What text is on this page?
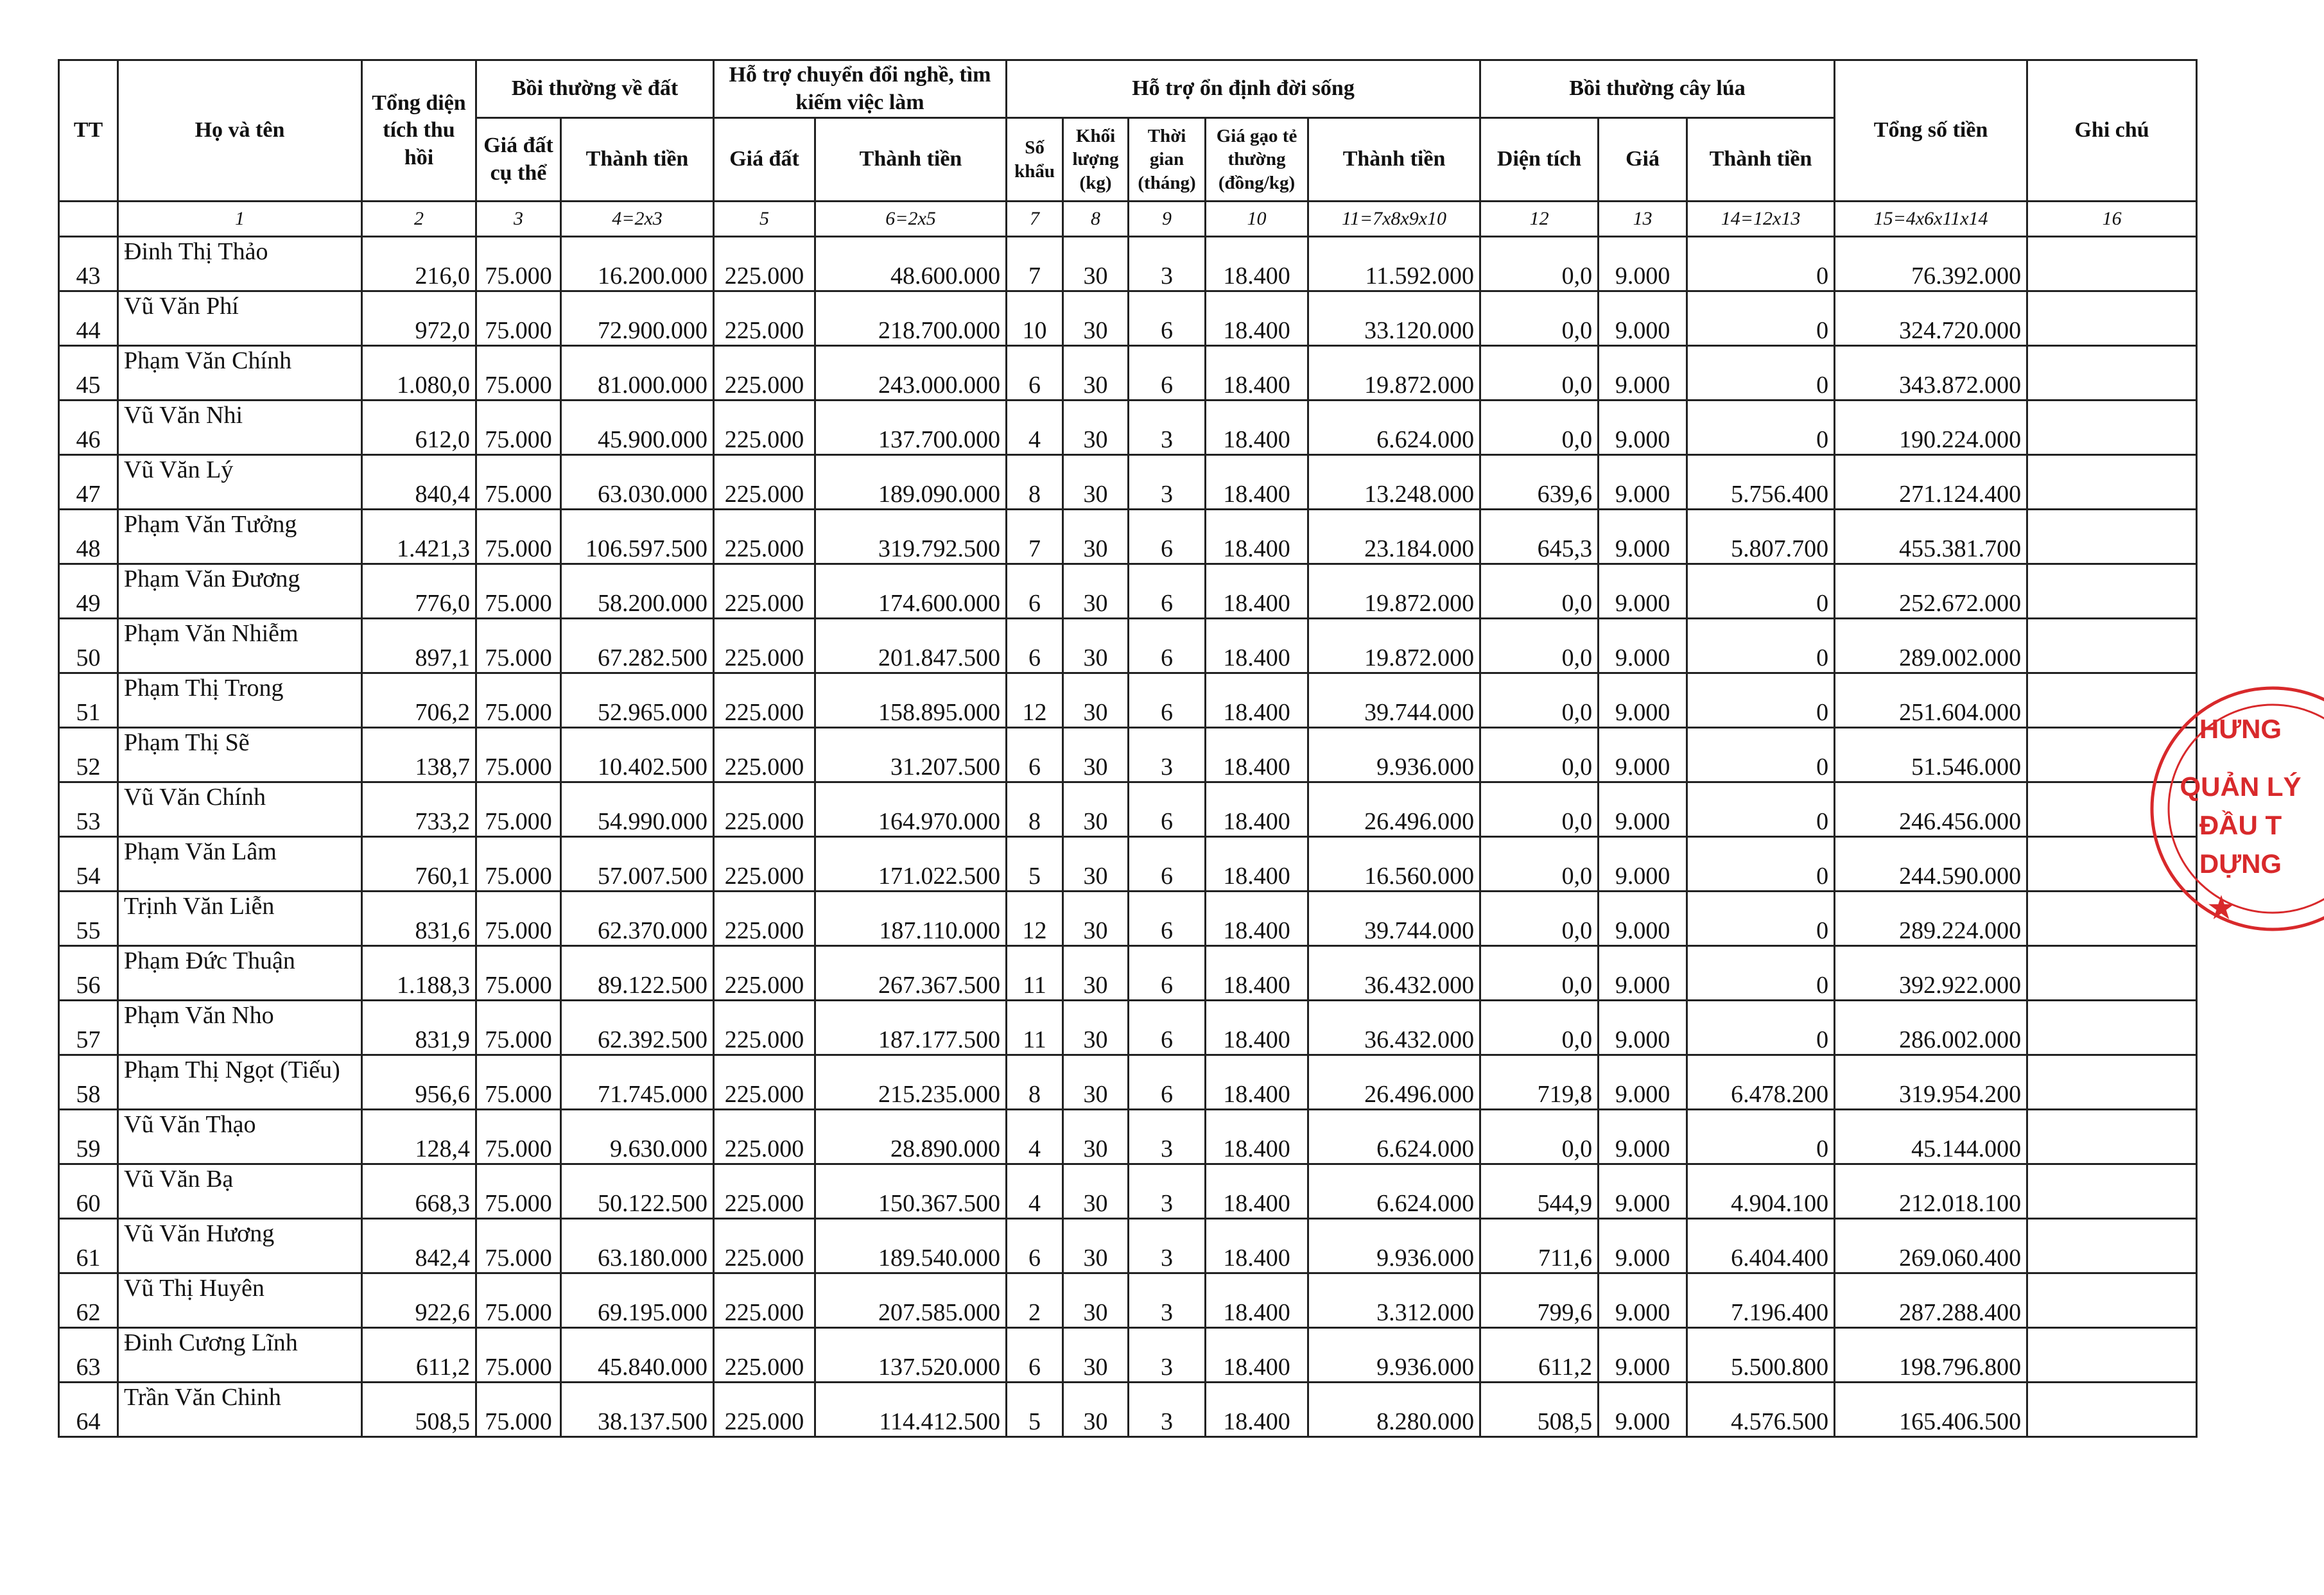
TT	Họ và tên	Tổng diện tích thu hồi	Bồi thường về đất		Hỗ trợ chuyển đổi nghề, tìm kiếm việc làm		Hỗ trợ ổn định đời sống					Bồi thường cây lúa			Tổng số tiền	Ghi chú
			Giá đất cụ thể	Thành tiền	Giá đất	Thành tiền	Số khẩu	Khối lượng (kg)	Thời gian (tháng)	Giá gạo tẻ thường (đồng/kg)	Thành tiền	Diện tích	Giá	Thành tiền		
	1	2	3	4=2x3	5	6=2x5	7	8	9	10	11=7x8x9x10	12	13	14=12x13	15=4x6x11x14	16
43	Đinh Thị Thảo	216,0	75.000	16.200.000	225.000	48.600.000	7	30	3	18.400	11.592.000	0,0	9.000	0	76.392.000	
44	Vũ Văn Phí	972,0	75.000	72.900.000	225.000	218.700.000	10	30	6	18.400	33.120.000	0,0	9.000	0	324.720.000	
45	Phạm Văn Chính	1.080,0	75.000	81.000.000	225.000	243.000.000	6	30	6	18.400	19.872.000	0,0	9.000	0	343.872.000	
46	Vũ Văn Nhi	612,0	75.000	45.900.000	225.000	137.700.000	4	30	3	18.400	6.624.000	0,0	9.000	0	190.224.000	
47	Vũ Văn Lý	840,4	75.000	63.030.000	225.000	189.090.000	8	30	3	18.400	13.248.000	639,6	9.000	5.756.400	271.124.400	
48	Phạm Văn Tưởng	1.421,3	75.000	106.597.500	225.000	319.792.500	7	30	6	18.400	23.184.000	645,3	9.000	5.807.700	455.381.700	
49	Phạm Văn Đương	776,0	75.000	58.200.000	225.000	174.600.000	6	30	6	18.400	19.872.000	0,0	9.000	0	252.672.000	
50	Phạm Văn Nhiễm	897,1	75.000	67.282.500	225.000	201.847.500	6	30	6	18.400	19.872.000	0,0	9.000	0	289.002.000	
51	Phạm Thị Trong	706,2	75.000	52.965.000	225.000	158.895.000	12	30	6	18.400	39.744.000	0,0	9.000	0	251.604.000	
52	Phạm Thị Sẽ	138,7	75.000	10.402.500	225.000	31.207.500	6	30	3	18.400	9.936.000	0,0	9.000	0	51.546.000	
53	Vũ Văn Chính	733,2	75.000	54.990.000	225.000	164.970.000	8	30	6	18.400	26.496.000	0,0	9.000	0	246.456.000	
54	Phạm Văn Lâm	760,1	75.000	57.007.500	225.000	171.022.500	5	30	6	18.400	16.560.000	0,0	9.000	0	244.590.000	
55	Trịnh Văn Liễn	831,6	75.000	62.370.000	225.000	187.110.000	12	30	6	18.400	39.744.000	0,0	9.000	0	289.224.000	
56	Phạm Đức Thuận	1.188,3	75.000	89.122.500	225.000	267.367.500	11	30	6	18.400	36.432.000	0,0	9.000	0	392.922.000	
57	Phạm Văn Nho	831,9	75.000	62.392.500	225.000	187.177.500	11	30	6	18.400	36.432.000	0,0	9.000	0	286.002.000	
58	Phạm Thị Ngọt (Tiếu)	956,6	75.000	71.745.000	225.000	215.235.000	8	30	6	18.400	26.496.000	719,8	9.000	6.478.200	319.954.200	
59	Vũ Văn Thạo	128,4	75.000	9.630.000	225.000	28.890.000	4	30	3	18.400	6.624.000	0,0	9.000	0	45.144.000	
60	Vũ Văn Bạ	668,3	75.000	50.122.500	225.000	150.367.500	4	30	3	18.400	6.624.000	544,9	9.000	4.904.100	212.018.100	
61	Vũ Văn Hương	842,4	75.000	63.180.000	225.000	189.540.000	6	30	3	18.400	9.936.000	711,6	9.000	6.404.400	269.060.400	
62	Vũ Thị Huyên	922,6	75.000	69.195.000	225.000	207.585.000	2	30	3	18.400	3.312.000	799,6	9.000	7.196.400	287.288.400	
63	Đinh Cương Lĩnh	611,2	75.000	45.840.000	225.000	137.520.000	6	30	3	18.400	9.936.000	611,2	9.000	5.500.800	198.796.800	
64	Trần Văn Chinh	508,5	75.000	38.137.500	225.000	114.412.500	5	30	3	18.400	8.280.000	508,5	9.000	4.576.500	165.406.500	
HƯNG
QUẢN LÝ
ĐẦU T
DỰNG
★
